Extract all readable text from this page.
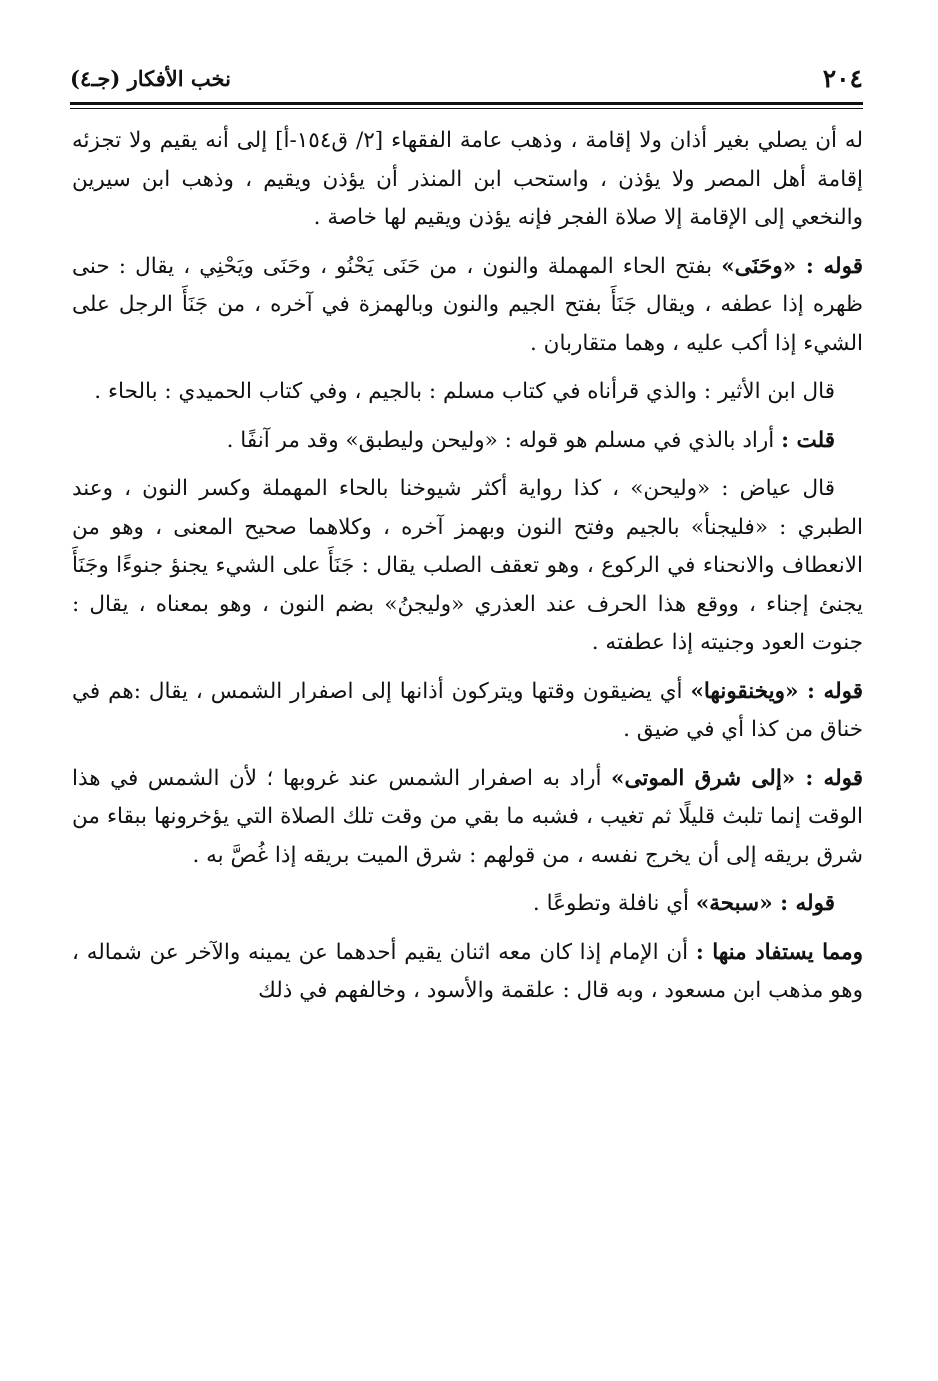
٢٠٤
نخب الأفكار (جـ٤)

له أن يصلي بغير أذان ولا إقامة ، وذهب عامة الفقهاء [٢/ ق١٥٤-أ] إلى أنه يقيم ولا تجزئه إقامة أهل المصر ولا يؤذن ، واستحب ابن المنذر أن يؤذن ويقيم ، وذهب ابن سيرين والنخعي إلى الإقامة إلا صلاة الفجر فإنه يؤذن ويقيم لها خاصة .

قوله : «وحَنَى» بفتح الحاء المهملة والنون ، من حَنَى يَحْنُو ، وحَنَى ويَحْنِي ، يقال : حنى ظهره إذا عطفه ، ويقال جَنَأَ بفتح الجيم والنون وبالهمزة في آخره ، من جَنَأَ الرجل على الشيء إذا أكب عليه ، وهما متقاربان .

قال ابن الأثير : والذي قرأناه في كتاب مسلم : بالجيم ، وفي كتاب الحميدي : بالحاء .

قلت : أراد بالذي في مسلم هو قوله : «وليحن وليطبق» وقد مر آنفًا .

قال عياض : «وليحن» ، كذا رواية أكثر شيوخنا بالحاء المهملة وكسر النون ، وعند الطبري : «فليجنأ» بالجيم وفتح النون وبهمز آخره ، وكلاهما صحيح المعنى ، وهو من الانعطاف والانحناء في الركوع ، وهو تعقف الصلب يقال : جَنَأَ على الشيء يجنؤ جنوءًا وجَنَأَ يجنئ إجناء ، ووقع هذا الحرف عند العذري «وليجنُ» بضم النون ، وهو بمعناه ، يقال : جنوت العود وجنيته إذا عطفته .

قوله : «ويخنقونها» أي يضيقون وقتها ويتركون أذانها إلى اصفرار الشمس ، يقال :هم في خناق من كذا أي في ضيق .

قوله : «إلى شرق الموتى» أراد به اصفرار الشمس عند غروبها ؛ لأن الشمس في هذا الوقت إنما تلبث قليلًا ثم تغيب ، فشبه ما بقي من وقت تلك الصلاة التي يؤخرونها ببقاء من شرق بريقه إلى أن يخرج نفسه ، من قولهم : شرق الميت بريقه إذا غُصَّ به .

قوله : «سبحة» أي نافلة وتطوعًا .

ومما يستفاد منها : أن الإمام إذا كان معه اثنان يقيم أحدهما عن يمينه والآخر عن شماله ، وهو مذهب ابن مسعود ، وبه قال : علقمة والأسود ، وخالفهم في ذلك
